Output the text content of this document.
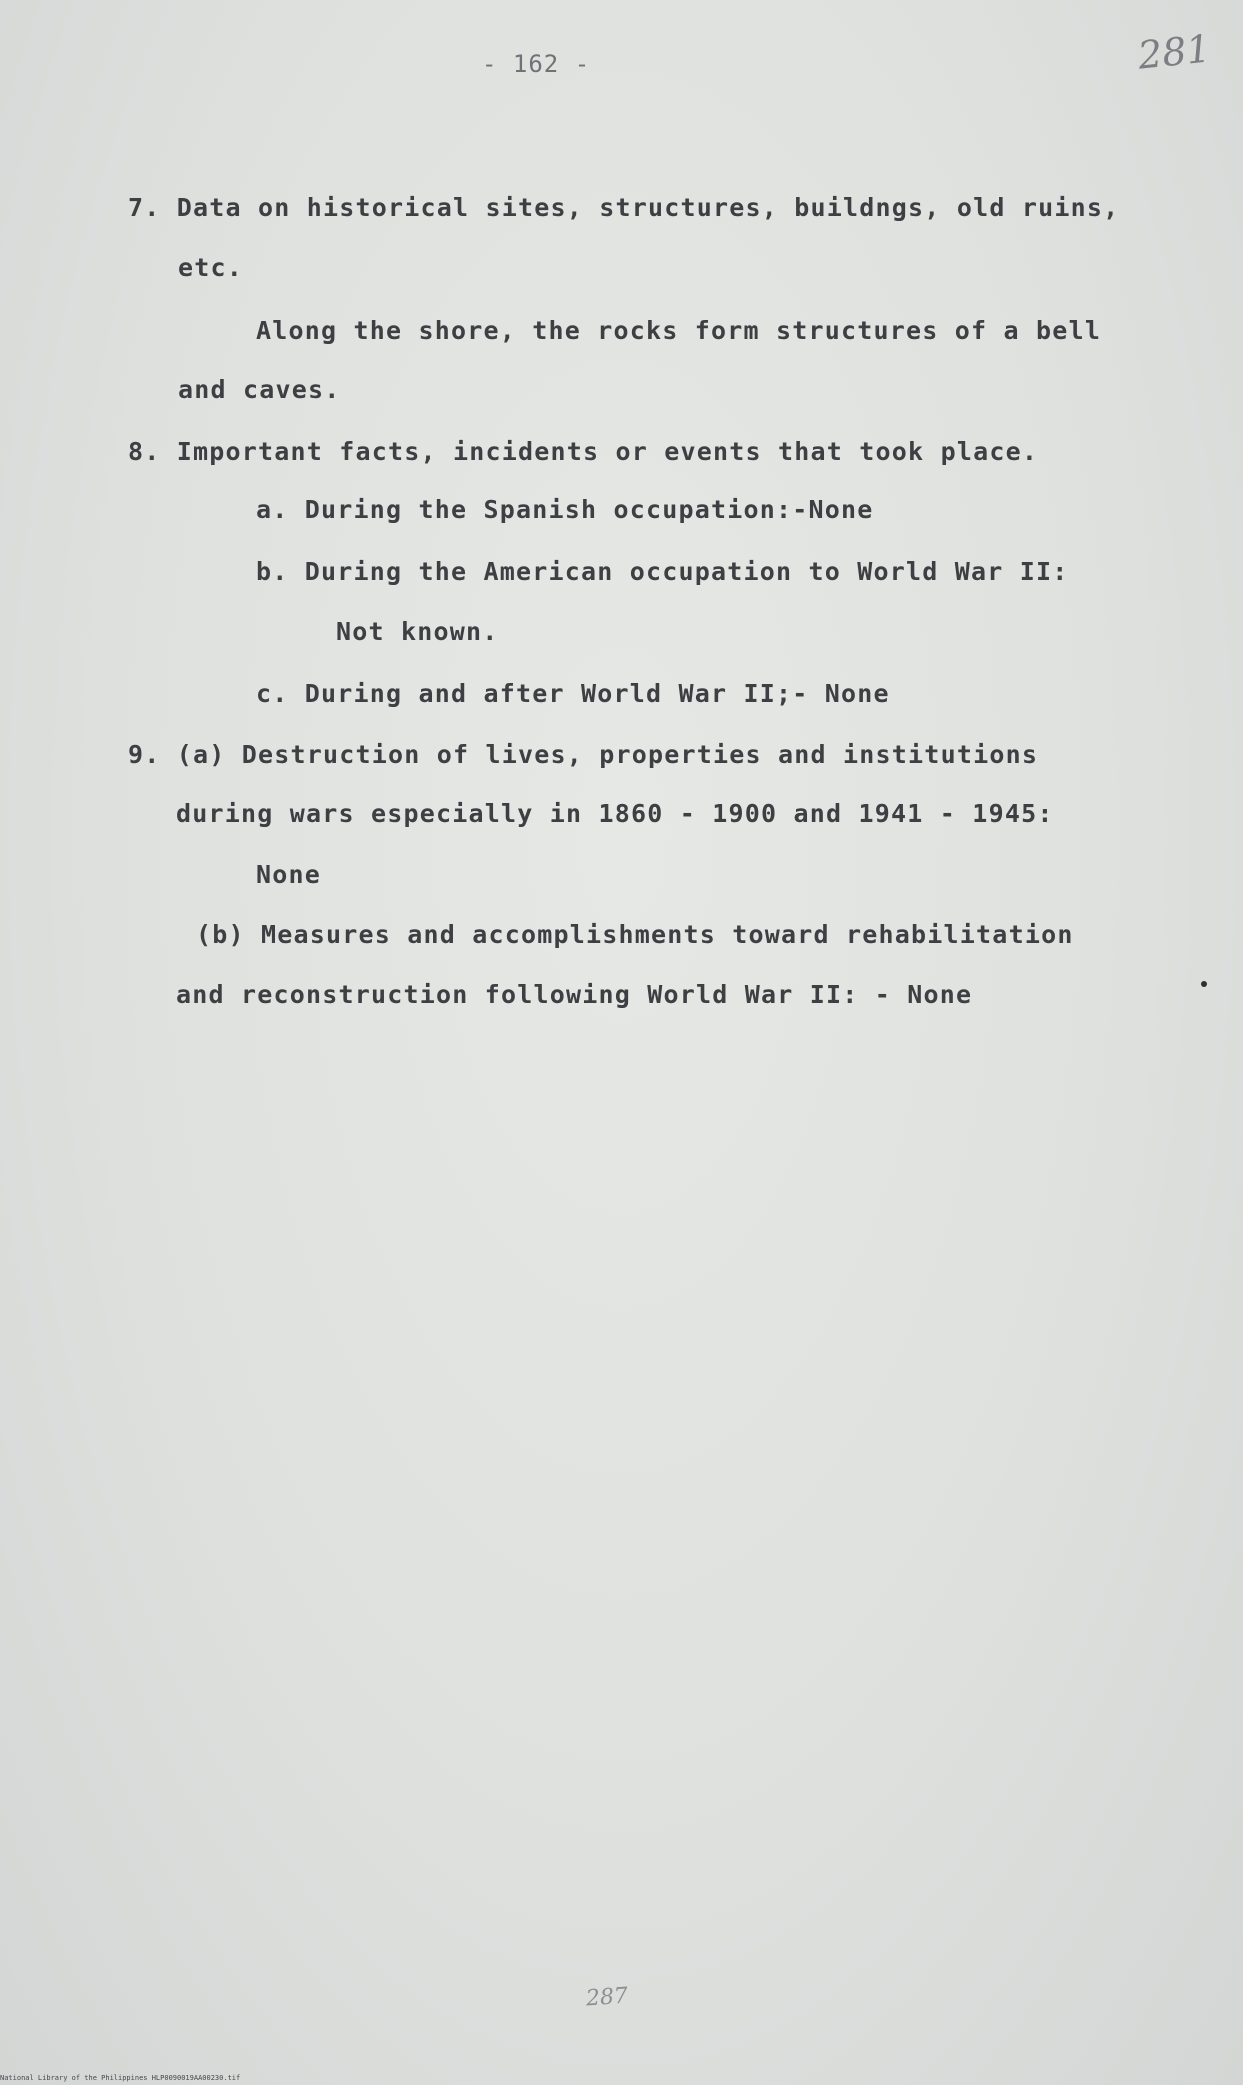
- 162 -	281
7. Data on historical sites, structures, buildngs, old ruins,
etc.
Along the shore, the rocks form structures of a bell
and caves.
8. Important facts, incidents or events that took place.
a. During the Spanish occupation:-None
b. During the American occupation to World War II:
Not known.
c. During and after World War II;- None
9. (a) Destruction of lives, properties and institutions
during wars especially in 1860 - 1900 and 1941 - 1945:
None
(b) Measures and accomplishments toward rehabilitation
and reconstruction following World War II: - None
287
National Library of the Philippines HLP0090019AA00230.tif
